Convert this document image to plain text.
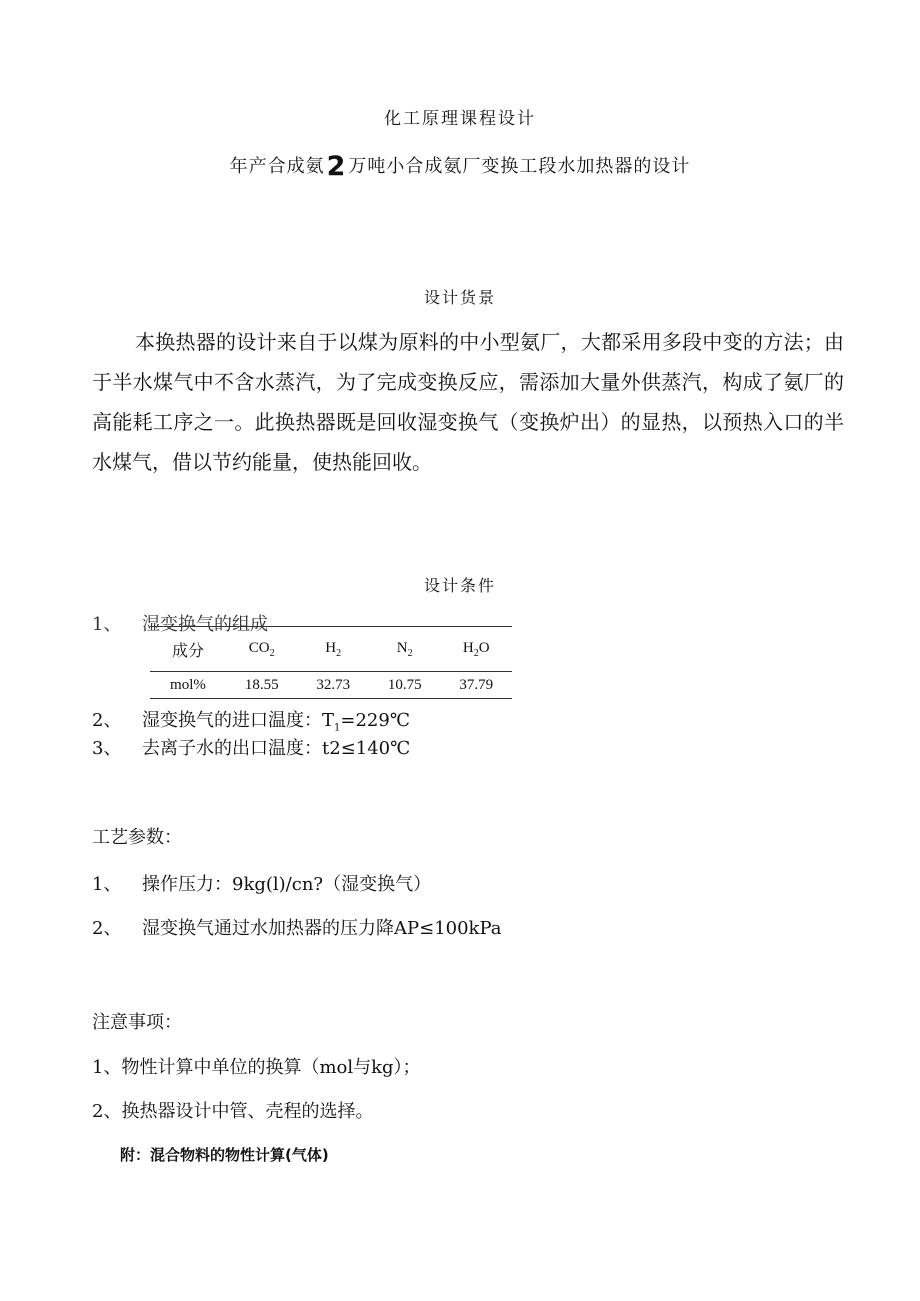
化工原理课程设计
年产合成氨2 万吨小合成氨厂变换工段水加热器的设计
设计货景
本换热器的设计来自于以煤为原料的中小型氨厂，大都采用多段中变的方法；由于半水煤气中不含水蒸汽，为了完成变换反应，需添加大量外供蒸汽，构成了氨厂的高能耗工序之一。此换热器既是回收湿变换气（变换炉出）的显热，以预热入口的半水煤气，借以节约能量，使热能回收。
设计条件
1、 湿变换气的组成
成分	$CO_2$	$H_2$	$N_2$	$H_2O$
mol%	18.55	32.73	10.75	37.79
2、 湿变换气的进口温度：$T_1=229℃$
3、 去离子水的出口温度：t2≤140℃
工艺参数：
1、 操作压力：9kg(l)/cn?（湿变换气）
2、 湿变换气通过水加热器的压力降AP≤100kPa
注意事项：
1、物性计算中单位的换算（mol与kg）；
2、换热器设计中管、壳程的选择。
附：混合物料的物性计算(气体)
